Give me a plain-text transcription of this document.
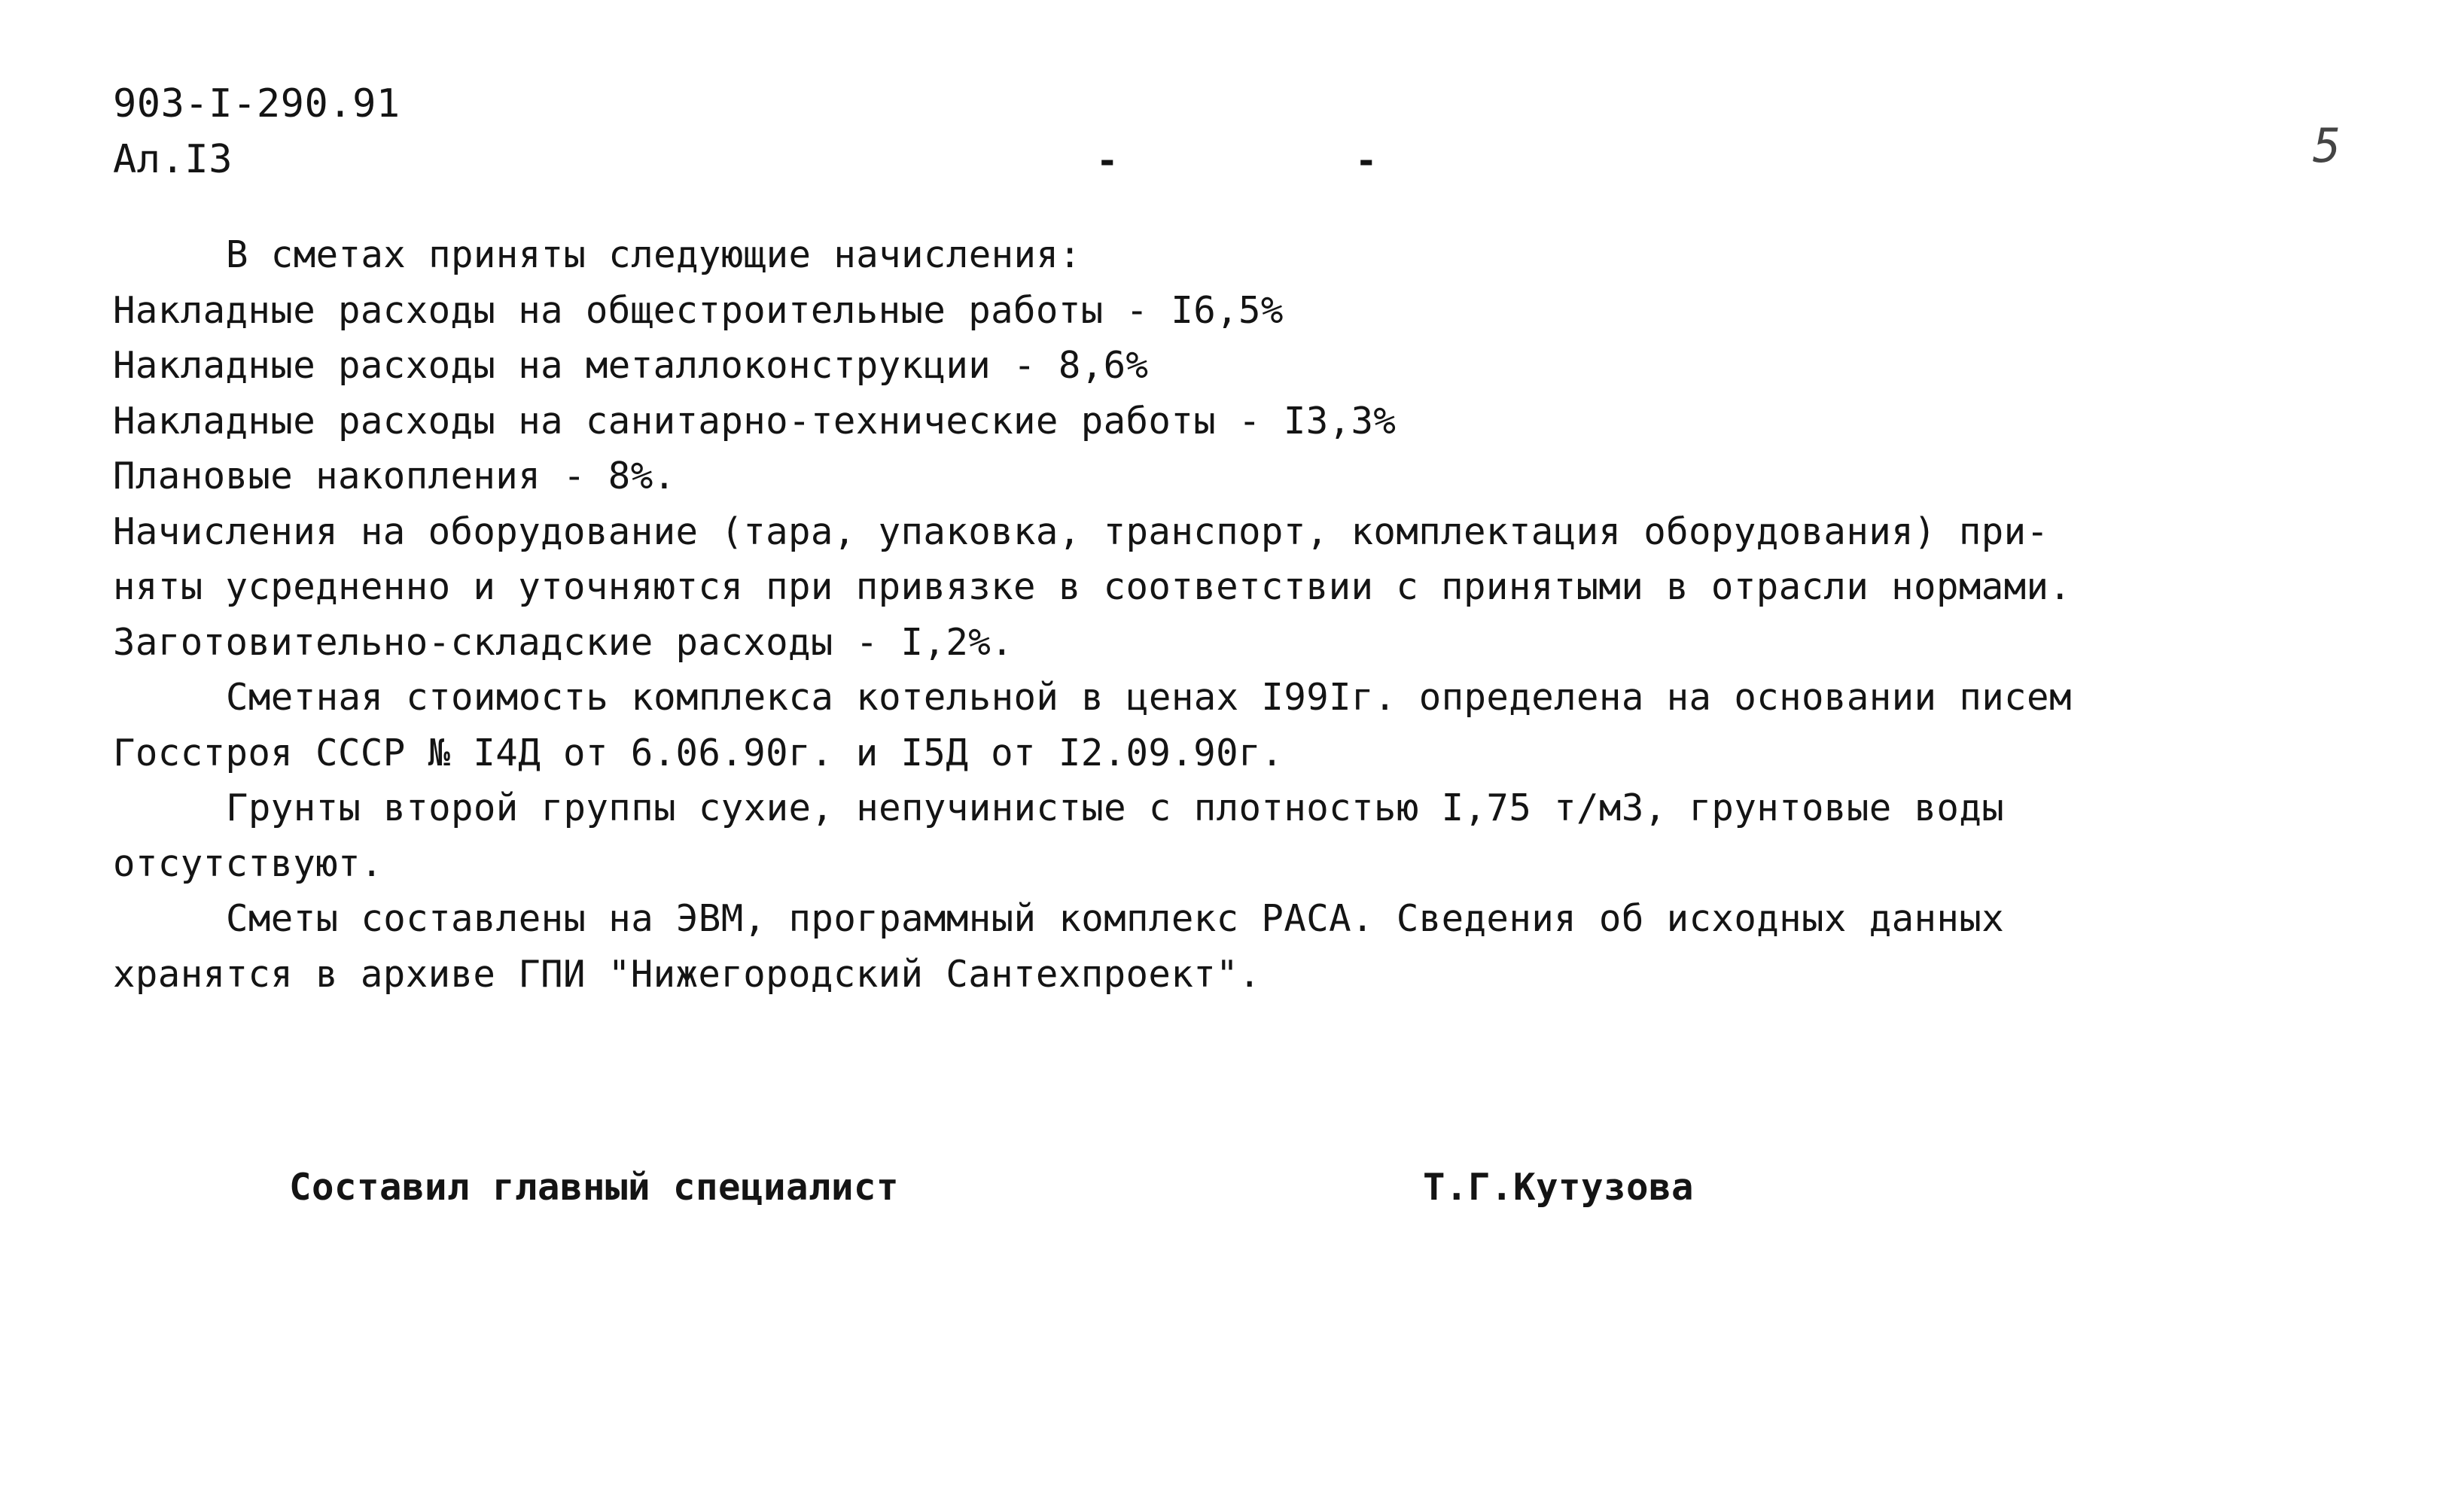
903-I-290.91
Ал.I3	-	-	5
В сметах приняты следующие начисления:
Накладные расходы на общестроительные работы - I6,5%
Накладные расходы на металлоконструкции - 8,6%
Накладные расходы на санитарно-технические работы - I3,3%
Плановые накопления - 8%.
Начисления на оборудование (тара, упаковка, транспорт, комплектация оборудования) при-
няты усредненно и уточняются при привязке в соответствии с принятыми в отрасли нормами.
Заготовительно-складские расходы - I,2%.
Сметная стоимость комплекса котельной в ценах I99Iг. определена на основании писем
Госстроя СССР № I4Д от 6.06.90г. и I5Д от I2.09.90г.
Грунты второй группы сухие, непучинистые с плотностью I,75 т/м3, грунтовые воды
отсутствуют.
Сметы составлены на ЭВМ, программный комплекс РАСА. Сведения об исходных данных
хранятся в архиве ГПИ "Нижегородский Сантехпроект".
Составил главный специалист	Т.Г.Кутузова
